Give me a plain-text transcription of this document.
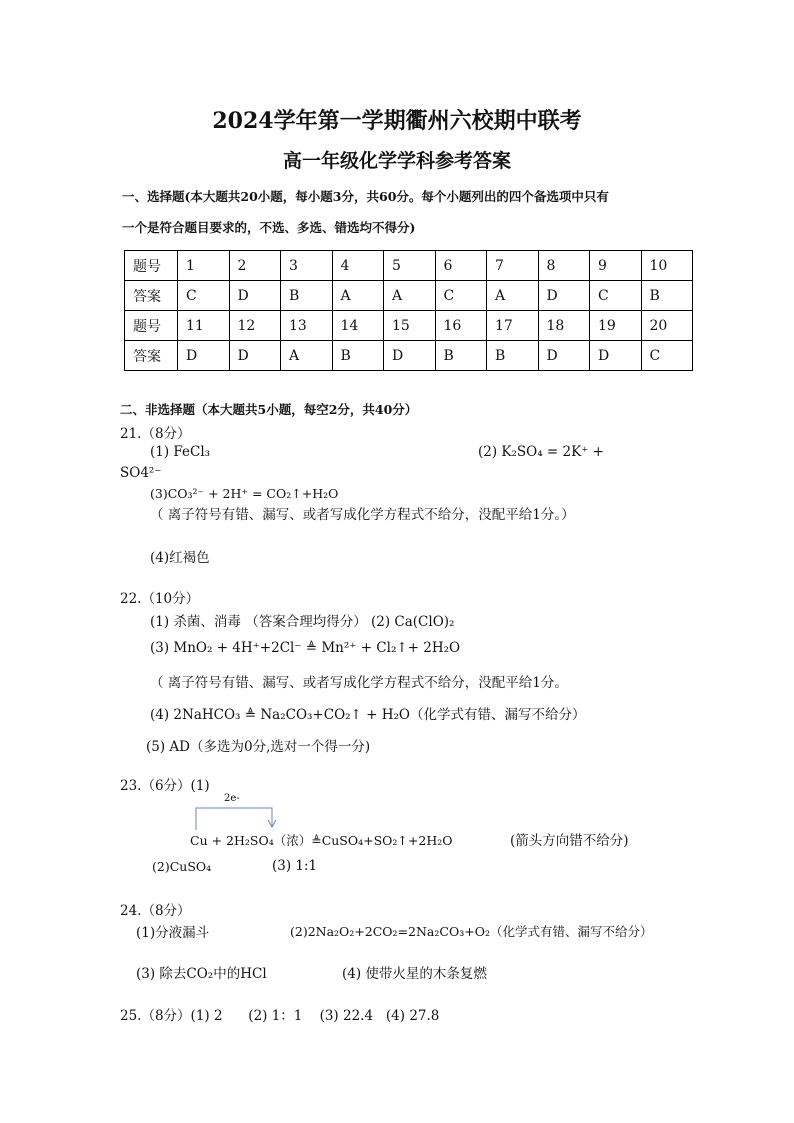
2024学年第一学期衢州六校期中联考
高一年级化学学科参考答案
一、选择题(本大题共20小题，每小题3分，共60分。每个小题列出的四个备选项中只有
一个是符合题目要求的，不选、多选、错选均不得分)
题号	1	2	3	4	5	6	7	8	9	10
答案	C	D	B	A	A	C	A	D	C	B
题号	11	12	13	14	15	16	17	18	19	20
答案	D	D	A	B	D	B	B	D	D	C
二、非选择题（本大题共5小题，每空2分，共40分）
21.（8分）
(1) FeCl₃	(2) K₂SO₄ = 2K⁺ +
SO4²⁻
(3)CO₃²⁻ + 2H⁺ = CO₂↑+H₂O
（ 离子符号有错、漏写、或者写成化学方程式不给分，没配平给1分。）
(4)红褐色
22.（10分）
(1) 杀菌、消毒 （答案合理均得分） (2) Ca(ClO)₂
(3) MnO₂ + 4H⁺+2Cl⁻ ≜ Mn²⁺ + Cl₂↑+ 2H₂O
（ 离子符号有错、漏写、或者写成化学方程式不给分，没配平给1分。
(4) 2NaHCO₃ ≜ Na₂CO₃+CO₂↑ + H₂O（化学式有错、漏写不给分）
(5) AD（多选为0分,选对一个得一分)
23.（6分）(1)
2e-
Cu + 2H₂SO₄（浓）≜CuSO₄+SO₂↑+2H₂O	(箭头方向错不给分)
(2)CuSO₄	(3) 1:1
24.（8分）
(1)分液漏斗	(2)2Na₂O₂+2CO₂=2Na₂CO₃+O₂（化学式有错、漏写不给分）
(3) 除去CO₂中的HCl	(4) 使带火星的木条复燃
25.（8分）(1) 2      (2) 1：1    (3) 22.4   (4) 27.8
